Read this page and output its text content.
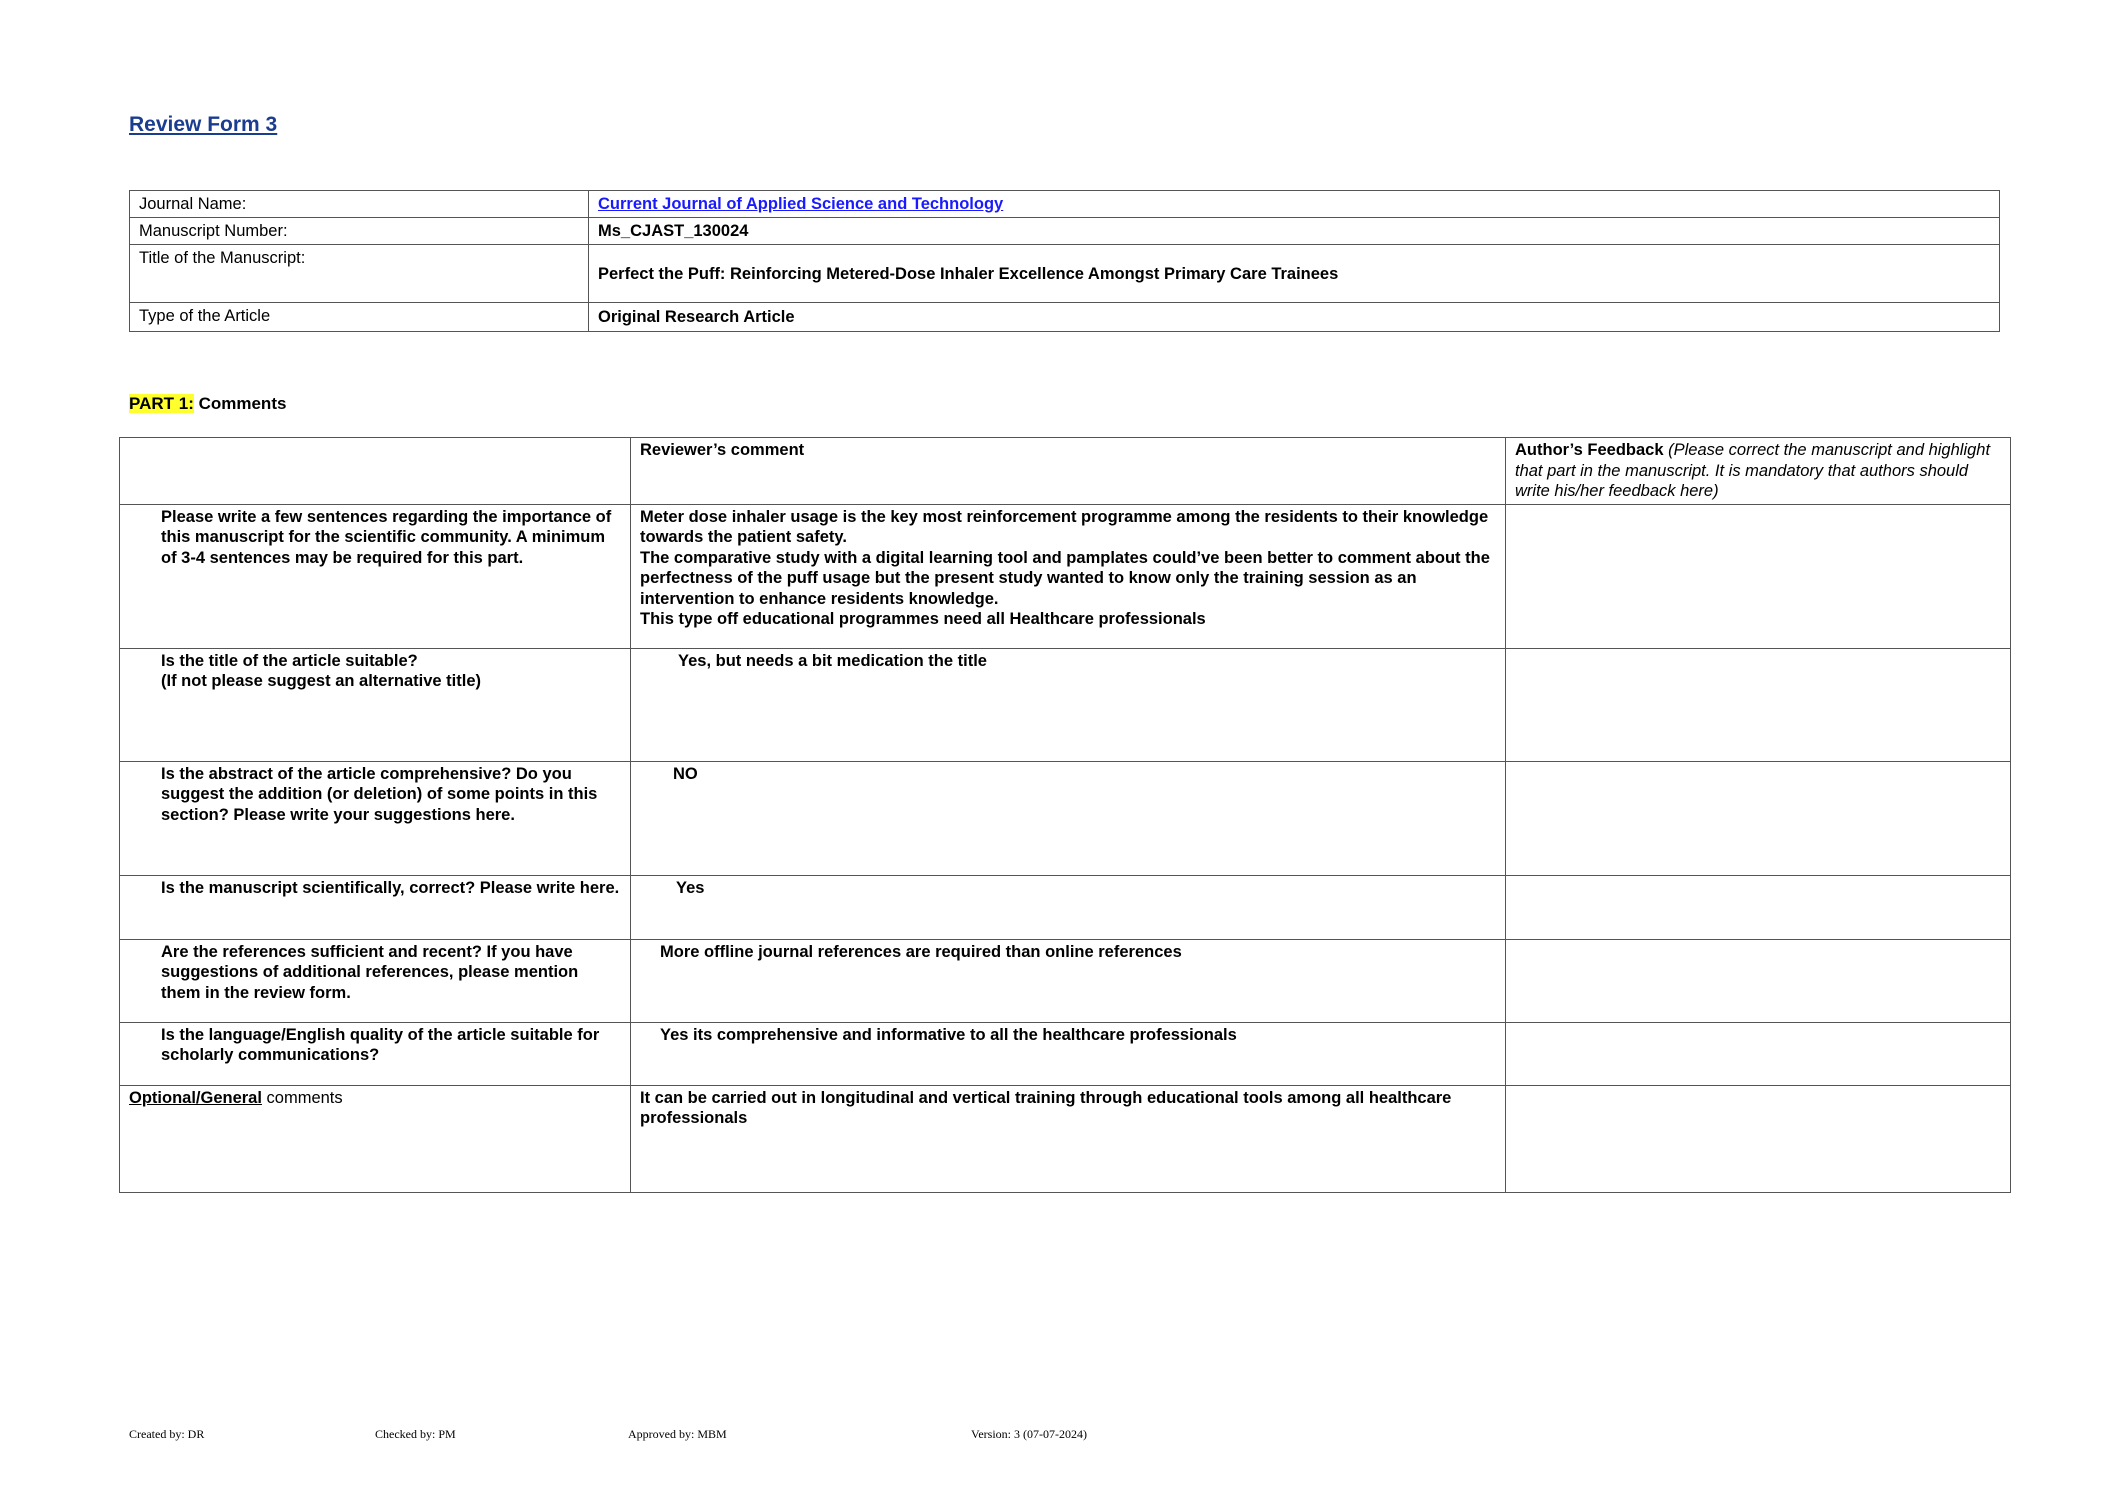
Review Form 3
Journal Name:	Current Journal of Applied Science and Technology
Manuscript Number:	Ms_CJAST_130024
Title of the Manuscript:	Perfect the Puff: Reinforcing Metered-Dose Inhaler Excellence Amongst Primary Care Trainees
Type of the Article	Original Research Article
PART 1: Comments
	Reviewer’s comment	Author’s Feedback (Please correct the manuscript and highlight that part in the manuscript. It is mandatory that authors should write his/her feedback here)
Please write a few sentences regarding the importance of this manuscript for the scientific community. A minimum of 3-4 sentences may be required for this part.	Meter dose inhaler usage is the key most reinforcement programme among the residents to their knowledge towards the patient safety.
The comparative study with a digital learning tool and pamplates could’ve been better to comment about the perfectness of the puff usage but the present study wanted to know only the training session as an intervention to enhance residents knowledge.
This type off educational programmes need all Healthcare professionals	

Is the title of the article suitable?
(If not please suggest an alternative title)	Yes, but needs a bit medication the title	
Is the abstract of the article comprehensive? Do you suggest the addition (or deletion) of some points in this section? Please write your suggestions here.	NO	
Is the manuscript scientifically, correct? Please write here.	Yes	
Are the references sufficient and recent? If you have suggestions of additional references, please mention them in the review form.	More offline journal references are required than online references	
Is the language/English quality of the article suitable for scholarly communications?	Yes its comprehensive and informative to all the healthcare professionals	
Optional/General comments	It can be carried out in longitudinal and vertical training through educational tools among all healthcare professionals	
Created by: DR	Checked by: PM	Approved by: MBM	Version: 3 (07-07-2024)
